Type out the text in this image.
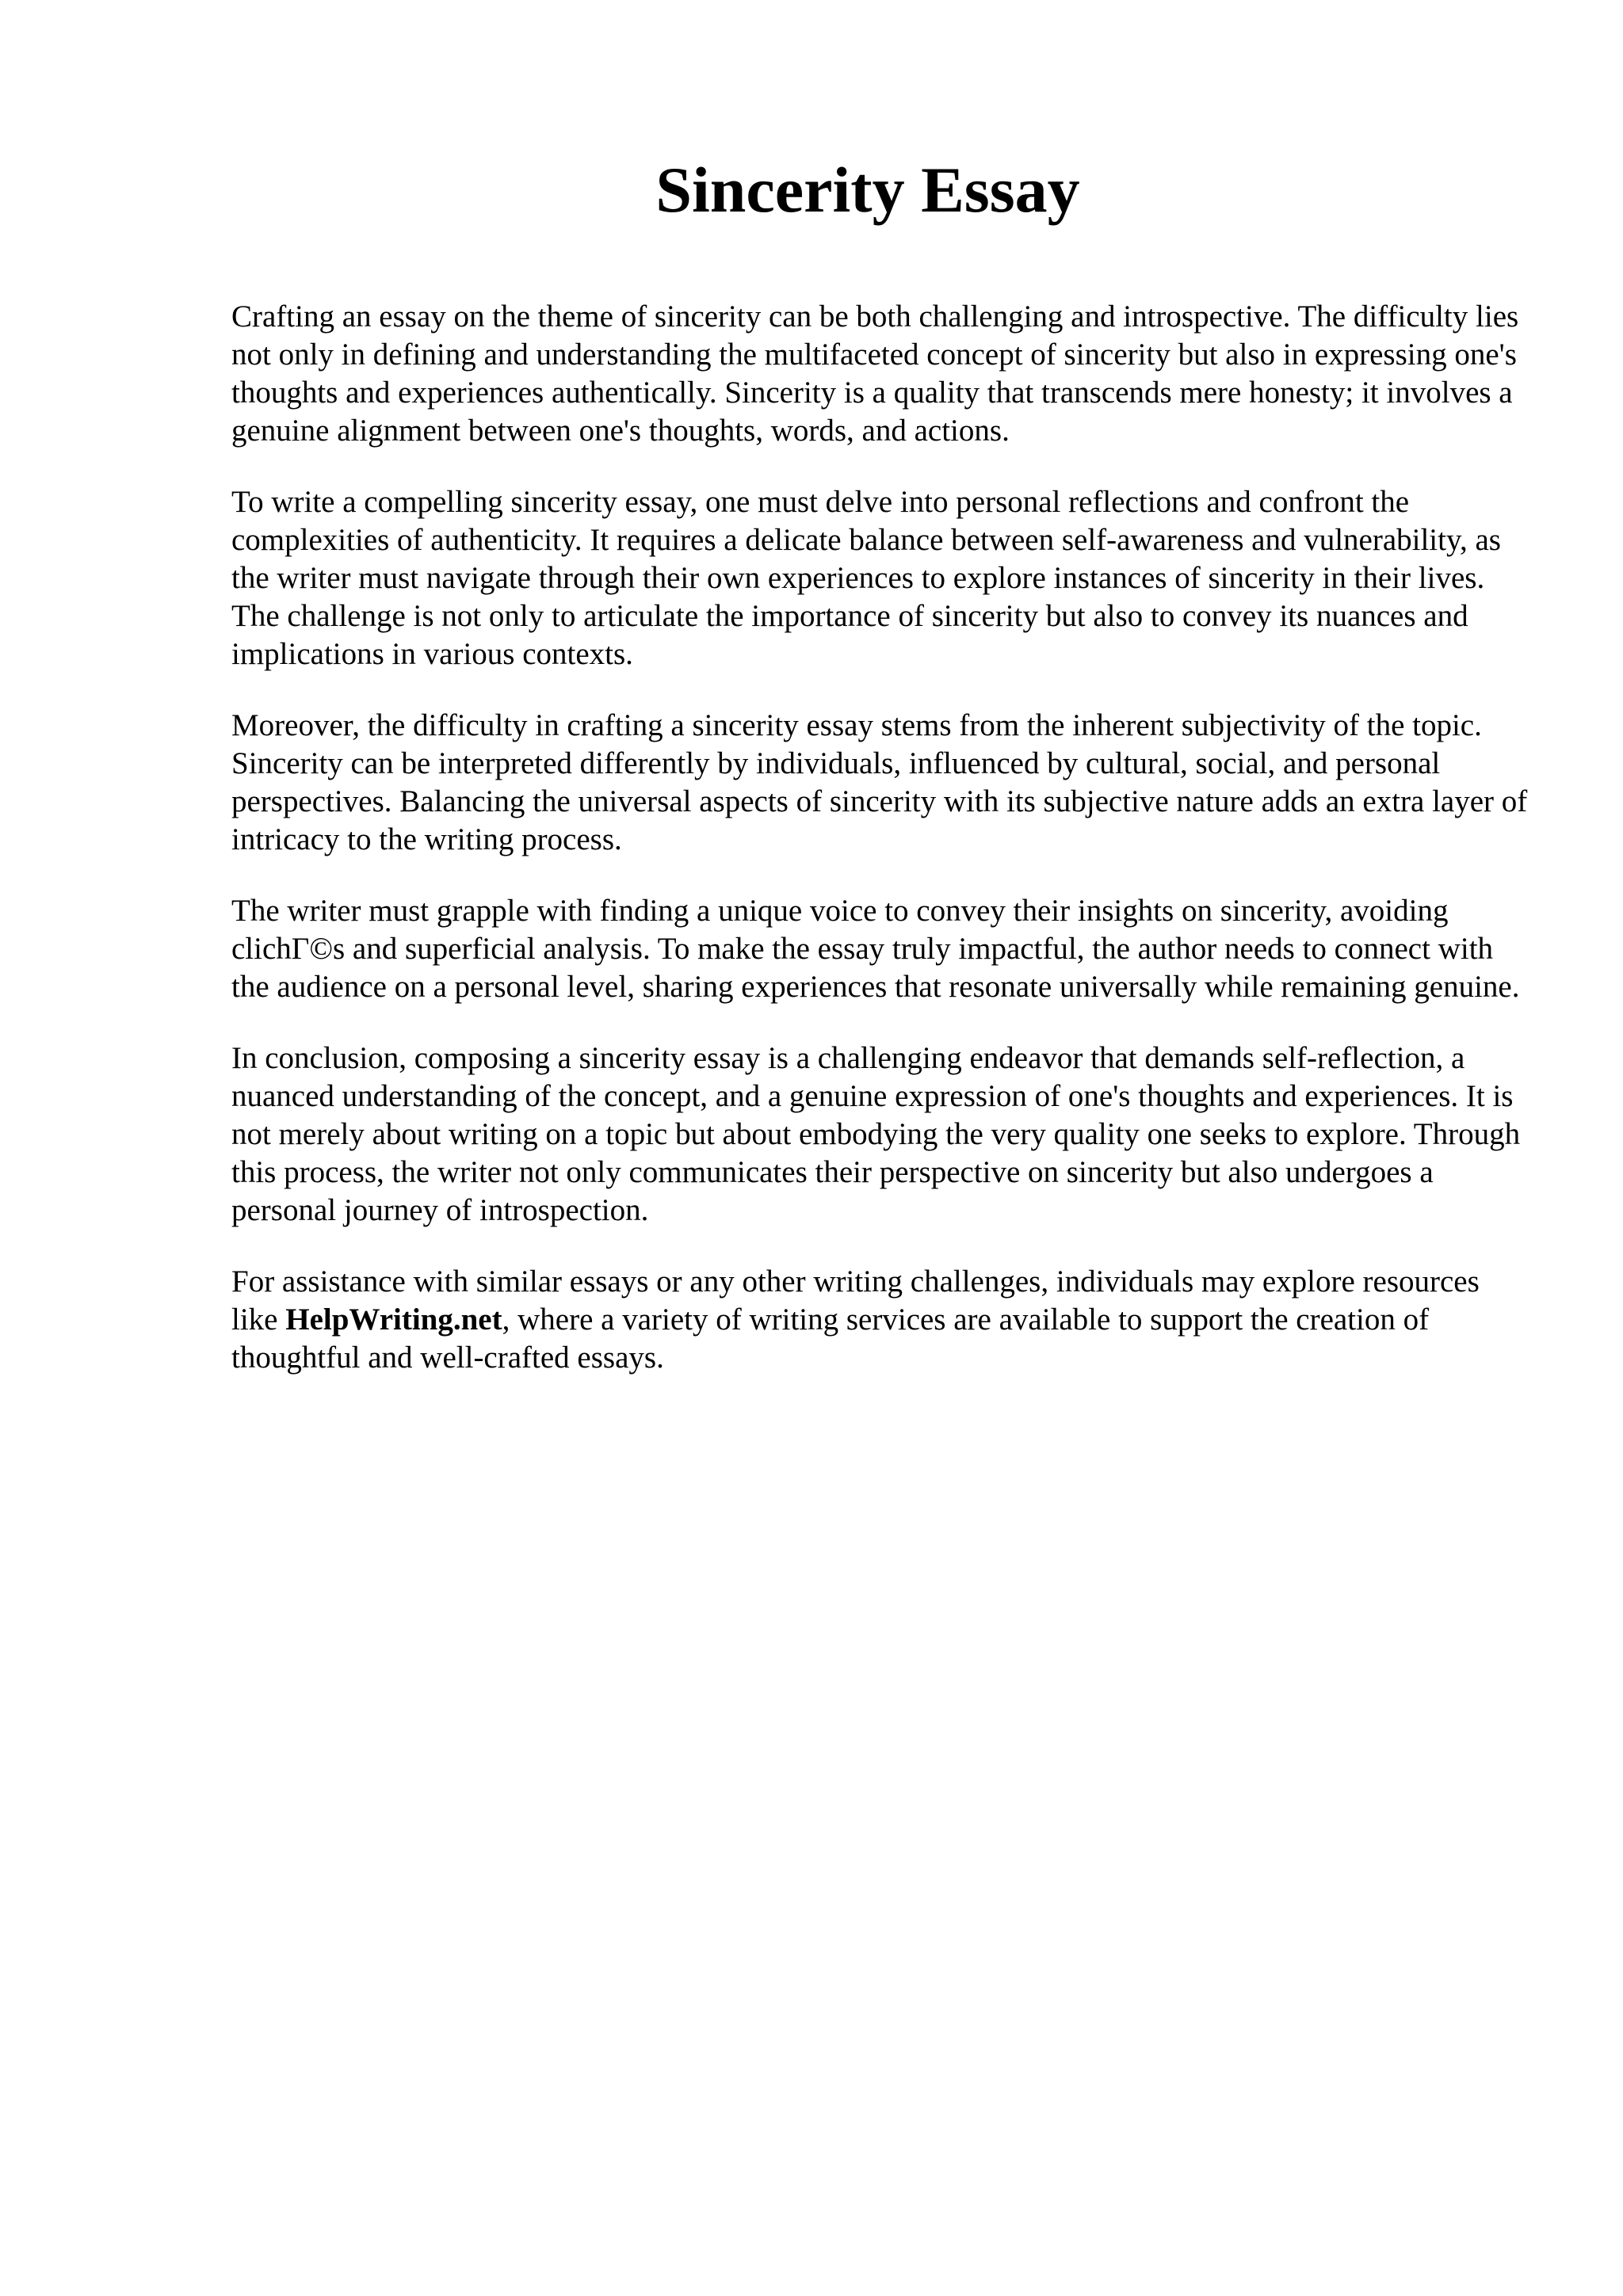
Sincerity Essay

Crafting an essay on the theme of sincerity can be both challenging and introspective. The difficulty lies not only in defining and understanding the multifaceted concept of sincerity but also in expressing one's thoughts and experiences authentically. Sincerity is a quality that transcends mere honesty; it involves a genuine alignment between one's thoughts, words, and actions.

To write a compelling sincerity essay, one must delve into personal reflections and confront the complexities of authenticity. It requires a delicate balance between self-awareness and vulnerability, as the writer must navigate through their own experiences to explore instances of sincerity in their lives. The challenge is not only to articulate the importance of sincerity but also to convey its nuances and implications in various contexts.

Moreover, the difficulty in crafting a sincerity essay stems from the inherent subjectivity of the topic. Sincerity can be interpreted differently by individuals, influenced by cultural, social, and personal perspectives. Balancing the universal aspects of sincerity with its subjective nature adds an extra layer of intricacy to the writing process.

The writer must grapple with finding a unique voice to convey their insights on sincerity, avoiding clichΓ©s and superficial analysis. To make the essay truly impactful, the author needs to connect with the audience on a personal level, sharing experiences that resonate universally while remaining genuine.

In conclusion, composing a sincerity essay is a challenging endeavor that demands self-reflection, a nuanced understanding of the concept, and a genuine expression of one's thoughts and experiences. It is not merely about writing on a topic but about embodying the very quality one seeks to explore. Through this process, the writer not only communicates their perspective on sincerity but also undergoes a personal journey of introspection.

For assistance with similar essays or any other writing challenges, individuals may explore resources like HelpWriting.net, where a variety of writing services are available to support the creation of thoughtful and well-crafted essays.
